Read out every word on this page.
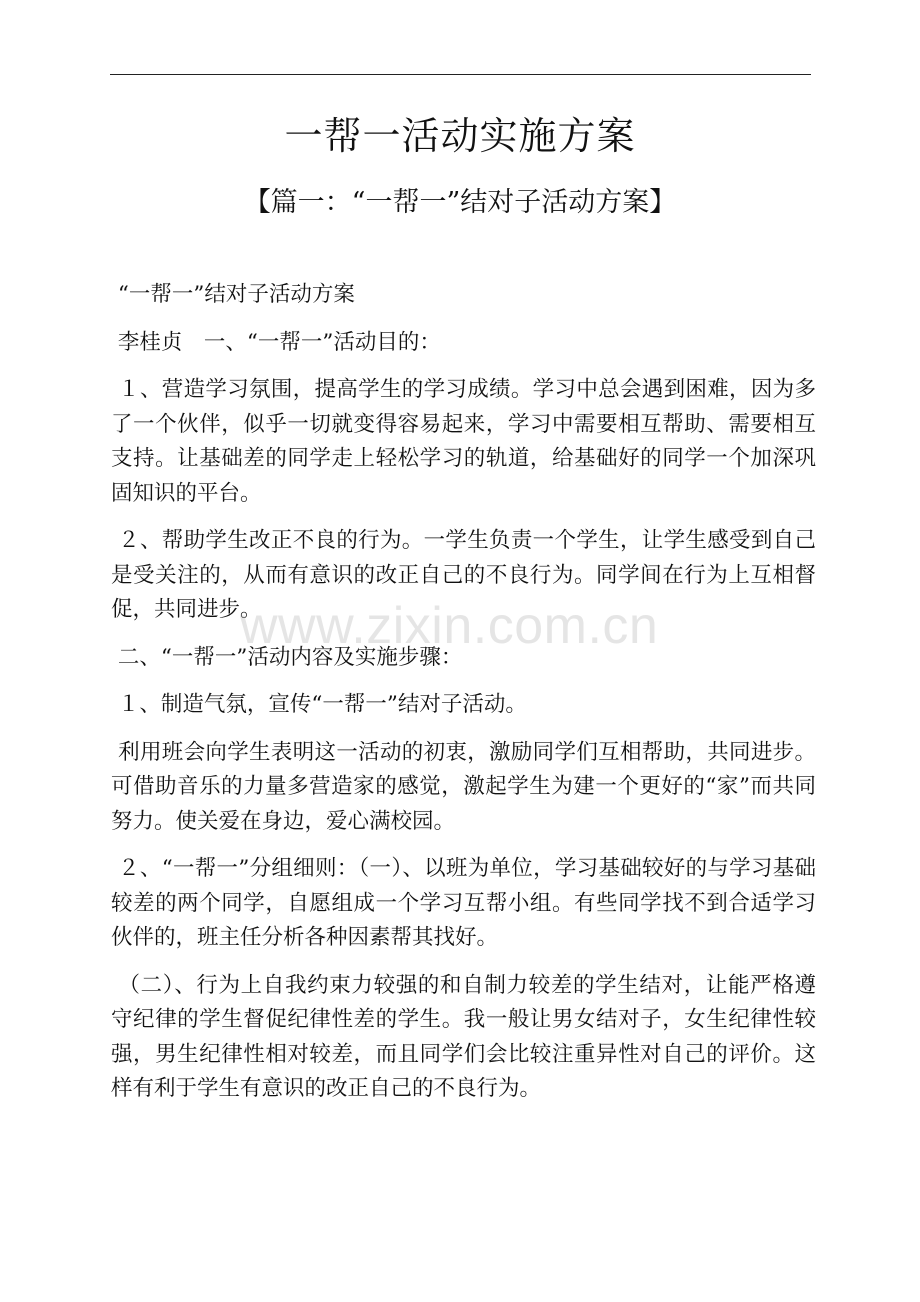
一帮一活动实施方案
【篇一：“一帮一”结对子活动方案】

“一帮一”结对子活动方案

李桂贞　一、“一帮一”活动目的：

１、营造学习氛围，提高学生的学习成绩。学习中总会遇到困难，因为多了一个伙伴，似乎一切就变得容易起来，学习中需要相互帮助、需要相互支持。让基础差的同学走上轻松学习的轨道，给基础好的同学一个加深巩固知识的平台。

２、帮助学生改正不良的行为。一学生负责一个学生，让学生感受到自己是受关注的，从而有意识的改正自己的不良行为。同学间在行为上互相督促，共同进步。

二、“一帮一”活动内容及实施步骤：

１、制造气氛，宣传“一帮一”结对子活动。

利用班会向学生表明这一活动的初衷，激励同学们互相帮助，共同进步。可借助音乐的力量多营造家的感觉，激起学生为建一个更好的“家”而共同努力。使关爱在身边，爱心满校园。

２、“一帮一”分组细则：（一）、以班为单位，学习基础较好的与学习基础较差的两个同学，自愿组成一个学习互帮小组。有些同学找不到合适学习伙伴的，班主任分析各种因素帮其找好。

（二）、行为上自我约束力较强的和自制力较差的学生结对，让能严格遵守纪律的学生督促纪律性差的学生。我一般让男女结对子，女生纪律性较强，男生纪律性相对较差，而且同学们会比较注重异性对自己的评价。这样有利于学生有意识的改正自己的不良行为。

www.zixin.com.cn
